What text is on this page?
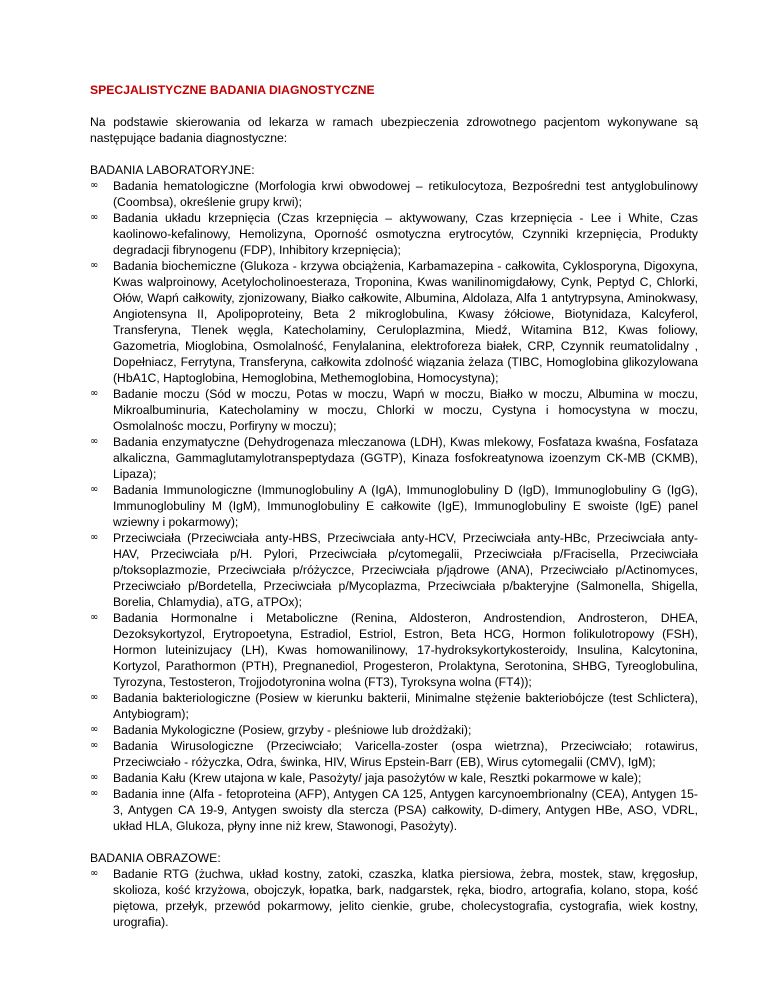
SPECJALISTYCZNE BADANIA DIAGNOSTYCZNE
Na podstawie skierowania od lekarza w ramach ubezpieczenia zdrowotnego pacjentom wykonywane są następujące badania diagnostyczne:
BADANIA LABORATORYJNE:
∞ Badania hematologiczne (Morfologia krwi obwodowej – retikulocytoza, Bezpośredni test antyglobulinowy (Coombsa), określenie grupy krwi);
∞ Badania układu krzepnięcia (Czas krzepnięcia – aktywowany, Czas krzepnięcia - Lee i White, Czas kaolinowo-kefalinowy, Hemolizyna, Oporność osmotyczna erytrocytów, Czynniki krzepnięcia, Produkty degradacji fibrynogenu (FDP), Inhibitory krzepnięcia);
∞ Badania biochemiczne (Glukoza - krzywa obciążenia, Karbamazepina - całkowita, Cyklosporyna, Digoxyna, Kwas walproinowy, Acetylocholinoesteraza, Troponina, Kwas wanilinomigdałowy, Cynk, Peptyd C, Chlorki, Ołów, Wapń całkowity, zjonizowany, Białko całkowite, Albumina, Aldolaza, Alfa 1 antytrypsyna, Aminokwasy, Angiotensyna II, Apolipoproteiny, Beta 2 mikroglobulina, Kwasy żółciowe, Biotynidaza, Kalcyferol, Transferyna, Tlenek węgla, Katecholaminy, Ceruloplazmina, Miedź, Witamina B12, Kwas foliowy, Gazometria, Mioglobina, Osmolalność, Fenylalanina, elektroforeza białek, CRP, Czynnik reumatolidalny , Dopełniacz, Ferrytyna, Transferyna, całkowita zdolność wiązania żelaza (TIBC, Homoglobina glikozylowana (HbA1C, Haptoglobina, Hemoglobina, Methemoglobina, Homocystyna);
∞ Badanie moczu (Sód w moczu, Potas w moczu, Wapń w moczu, Białko w moczu, Albumina w moczu, Mikroalbuminuria, Katecholaminy w moczu, Chlorki w moczu, Cystyna i homocystyna w moczu, Osmolalnośc moczu, Porfiryny w moczu);
∞ Badania enzymatyczne (Dehydrogenaza mleczanowa (LDH), Kwas mlekowy, Fosfataza kwaśna, Fosfataza alkaliczna, Gammaglutamylotranspeptydaza (GGTP), Kinaza fosfokreatynowa izoenzym CK-MB (CKMB), Lipaza);
∞ Badania Immunologiczne (Immunoglobuliny A (IgA), Immunoglobuliny D (IgD), Immunoglobuliny G (IgG), Immunoglobuliny M (IgM), Immunoglobuliny E całkowite (IgE), Immunoglobuliny E swoiste (IgE) panel wziewny i pokarmowy);
∞ Przeciwciała (Przeciwciała anty-HBS, Przeciwciała anty-HCV, Przeciwciała anty-HBc, Przeciwciała anty-HAV, Przeciwciała p/H. Pylori, Przeciwciała p/cytomegalii, Przeciwciała p/Fracisella, Przeciwciała p/toksoplazmozie, Przeciwciała p/różyczce, Przeciwciała p/jądrowe (ANA), Przeciwciało p/Actinomyces, Przeciwciało p/Bordetella, Przeciwciała p/Mycoplazma, Przeciwciała p/bakteryjne (Salmonella, Shigella, Borelia, Chlamydia), aTG, aTPOx);
∞ Badania Hormonalne i Metaboliczne (Renina, Aldosteron, Androstendion, Androsteron, DHEA, Dezoksykortyzol, Erytropoetyna, Estradiol, Estriol, Estron, Beta HCG, Hormon folikulotropowy (FSH), Hormon luteinizujacy (LH), Kwas homowanilinowy, 17-hydroksykortykosteroidy, Insulina, Kalcytonina, Kortyzol, Parathormon (PTH), Pregnanediol, Progesteron, Prolaktyna, Serotonina, SHBG, Tyreoglobulina, Tyrozyna, Testosteron, Trojjodotyronina wolna (FT3), Tyroksyna wolna (FT4));
∞ Badania bakteriologiczne (Posiew w kierunku bakterii, Minimalne stężenie bakteriobójcze (test Schlictera), Antybiogram);
∞ Badania Mykologiczne (Posiew, grzyby - pleśniowe lub drożdżaki);
∞ Badania Wirusologiczne (Przeciwciało; Varicella-zoster (ospa wietrzna), Przeciwciało; rotawirus, Przeciwciało - różyczka, Odra, świnka, HIV, Wirus Epstein-Barr (EB), Wirus cytomegalii (CMV), IgM);
∞ Badania Kału (Krew utajona w kale, Pasożyty/ jaja pasożytów w kale, Resztki pokarmowe w kale);
∞ Badania inne (Alfa - fetoproteina (AFP), Antygen CA 125, Antygen karcynoembrionalny (CEA), Antygen 15-3, Antygen CA 19-9, Antygen swoisty dla stercza (PSA) całkowity, D-dimery, Antygen HBe, ASO, VDRL, układ HLA, Glukoza, płyny inne niż krew, Stawonogi, Pasożyty).
BADANIA OBRAZOWE:
∞ Badanie RTG (żuchwa, układ kostny, zatoki, czaszka, klatka piersiowa, żebra, mostek, staw, kręgosłup, skolioza, kość krzyżowa, obojczyk, łopatka, bark, nadgarstek, ręka, biodro, artografia, kolano, stopa, kość piętowa, przełyk, przewód pokarmowy, jelito cienkie, grube, cholecystografia, cystografia, wiek kostny, urografia).
